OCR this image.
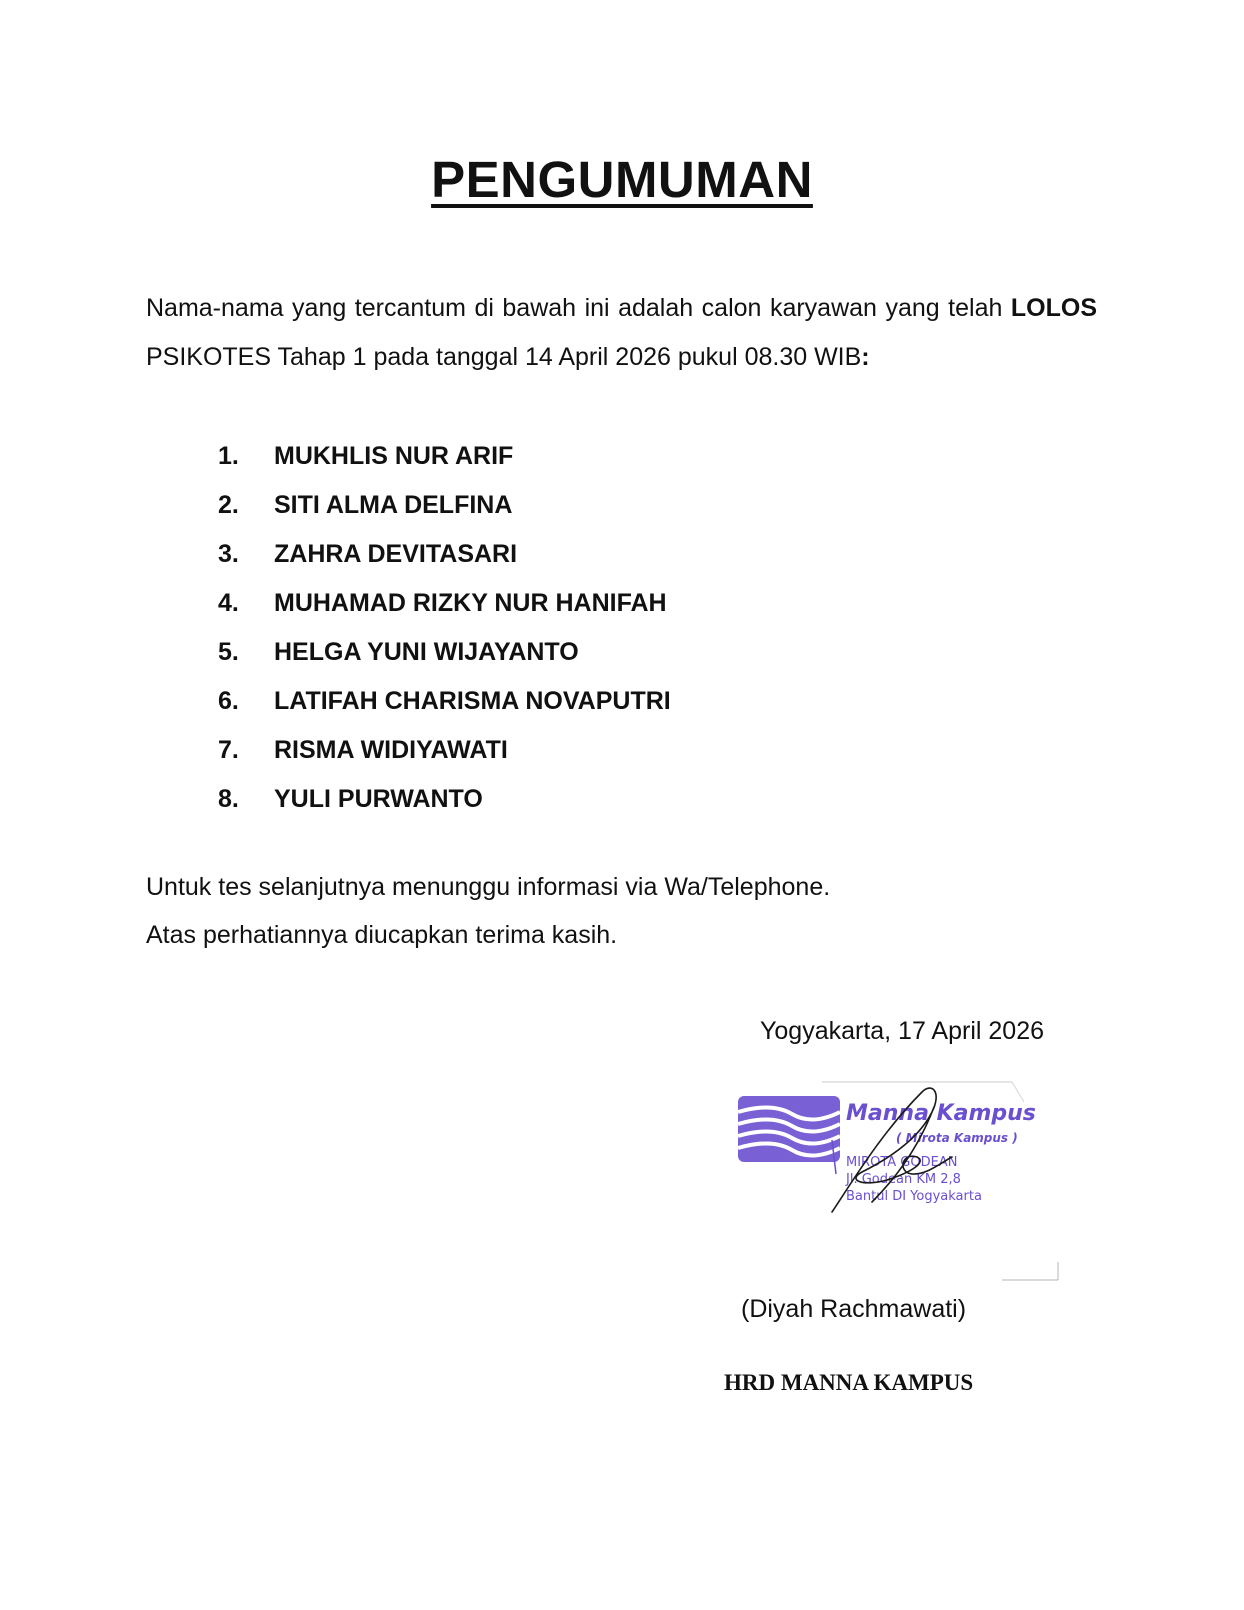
PENGUMUMAN
Nama-nama yang tercantum di bawah ini adalah calon karyawan yang telah LOLOS PSIKOTES Tahap 1 pada tanggal 14 April 2026 pukul 08.30 WIB:
1.	MUKHLIS NUR ARIF
2.	SITI ALMA DELFINA
3.	ZAHRA DEVITASARI
4.	MUHAMAD RIZKY NUR HANIFAH
5.	HELGA YUNI WIJAYANTO
6.	LATIFAH CHARISMA NOVAPUTRI
7.	RISMA WIDIYAWATI
8.	YULI PURWANTO
Untuk tes selanjutnya menunggu informasi via Wa/Telephone.
Atas perhatiannya diucapkan terima kasih.
Yogyakarta, 17 April 2026
Manna Kampus
( Mirota Kampus )
MIROTA GODEAN
Jl. Godean KM 2,8
Bantul DI Yogyakarta
(Diyah Rachmawati)
HRD MANNA KAMPUS
